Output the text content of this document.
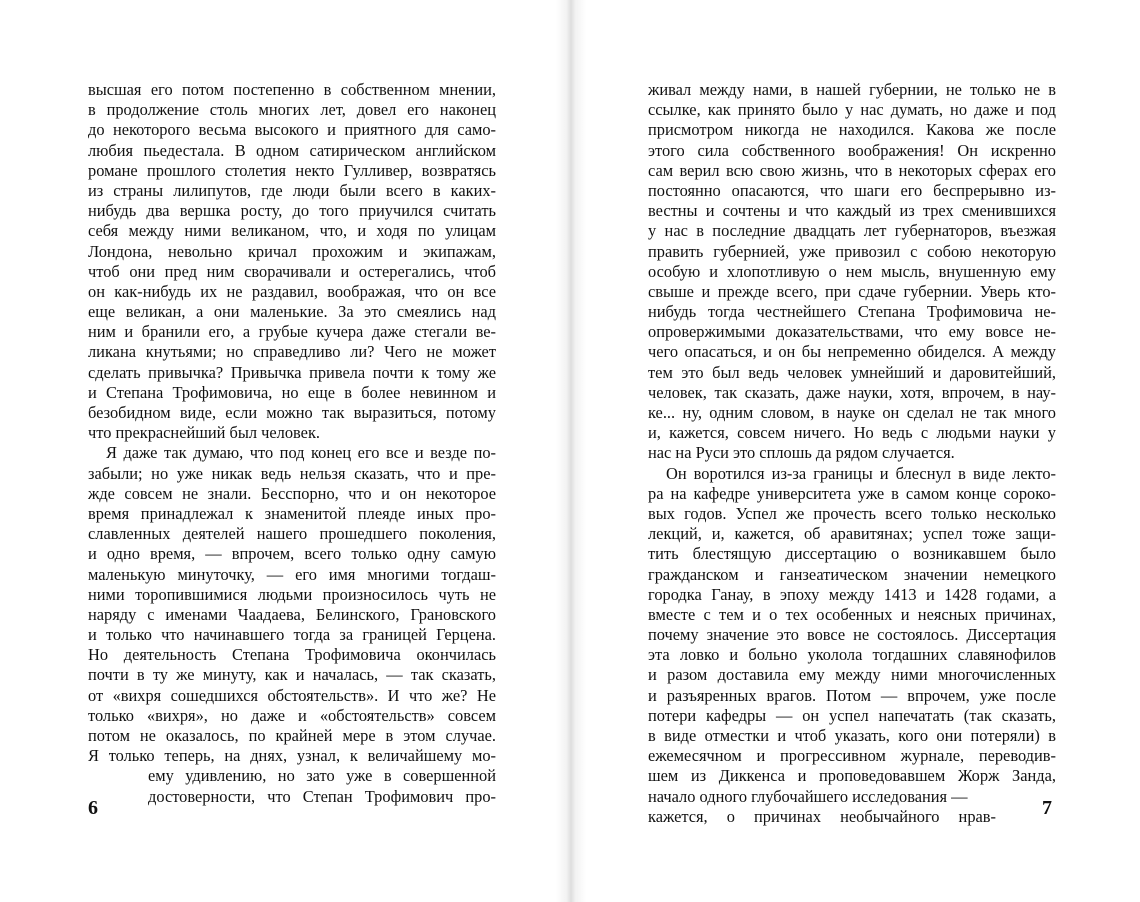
высшая его потом постепенно в собственном мнении,
в продолжение столь многих лет, довел его наконец
до некоторого весьма высокого и приятного для само-
любия пьедестала. В одном сатирическом английском
романе прошлого столетия некто Гулливер, возвратясь
из страны лилипутов, где люди были всего в каких-
нибудь два вершка росту, до того приучился считать
себя между ними великаном, что, и ходя по улицам
Лондона, невольно кричал прохожим и экипажам,
чтоб они пред ним сворачивали и остерегались, чтоб
он как-нибудь их не раздавил, воображая, что он все
еще великан, а они маленькие. За это смеялись над
ним и бранили его, а грубые кучера даже стегали ве-
ликана кнутьями; но справедливо ли? Чего не может
сделать привычка? Привычка привела почти к тому же
и Степана Трофимовича, но еще в более невинном и
безобидном виде, если можно так выразиться, потому
что прекраснейший был человек.
Я даже так думаю, что под конец его все и везде по-
забыли; но уже никак ведь нельзя сказать, что и пре-
жде совсем не знали. Бесспорно, что и он некоторое
время принадлежал к знаменитой плеяде иных про-
славленных деятелей нашего прошедшего поколения,
и одно время, — впрочем, всего только одну самую
маленькую минуточку, — его имя многими тогдаш-
ними торопившимися людьми произносилось чуть не
наряду с именами Чаадаева, Белинского, Грановского
и только что начинавшего тогда за границей Герцена.
Но деятельность Степана Трофимовича окончилась
почти в ту же минуту, как и началась, — так сказать,
от «вихря сошедшихся обстоятельств». И что же? Не
только «вихря», но даже и «обстоятельств» совсем
потом не оказалось, по крайней мере в этом случае.
Я только теперь, на днях, узнал, к величайшему мо-
ему удивлению, но зато уже в совершенной
достоверности, что Степан Трофимович про-
6
живал между нами, в нашей губернии, не только не в
ссылке, как принято было у нас думать, но даже и под
присмотром никогда не находился. Какова же после
этого сила собственного воображения! Он искренно
сам верил всю свою жизнь, что в некоторых сферах его
постоянно опасаются, что шаги его беспрерывно из-
вестны и сочтены и что каждый из трех сменившихся
у нас в последние двадцать лет губернаторов, въезжая
править губернией, уже привозил с собою некоторую
особую и хлопотливую о нем мысль, внушенную ему
свыше и прежде всего, при сдаче губернии. Уверь кто-
нибудь тогда честнейшего Степана Трофимовича не-
опровержимыми доказательствами, что ему вовсе не-
чего опасаться, и он бы непременно обиделся. А между
тем это был ведь человек умнейший и даровитейший,
человек, так сказать, даже науки, хотя, впрочем, в нау-
ке... ну, одним словом, в науке он сделал не так много
и, кажется, совсем ничего. Но ведь с людьми науки у
нас на Руси это сплошь да рядом случается.
Он воротился из-за границы и блеснул в виде лекто-
ра на кафедре университета уже в самом конце сороко-
вых годов. Успел же прочесть всего только несколько
лекций, и, кажется, об аравитянах; успел тоже защи-
тить блестящую диссертацию о возникавшем было
гражданском и ганзеатическом значении немецкого
городка Ганау, в эпоху между 1413 и 1428 годами, а
вместе с тем и о тех особенных и неясных причинах,
почему значение это вовсе не состоялось. Диссертация
эта ловко и больно уколола тогдашних славянофилов
и разом доставила ему между ними многочисленных
и разъяренных врагов. Потом — впрочем, уже после
потери кафедры — он успел напечатать (так сказать,
в виде отместки и чтоб указать, кого они потеряли) в
ежемесячном и прогрессивном журнале, переводив-
шем из Диккенса и проповедовавшем Жорж Занда,
начало одного глубочайшего исследования —
кажется, о причинах необычайного нрав- 7
